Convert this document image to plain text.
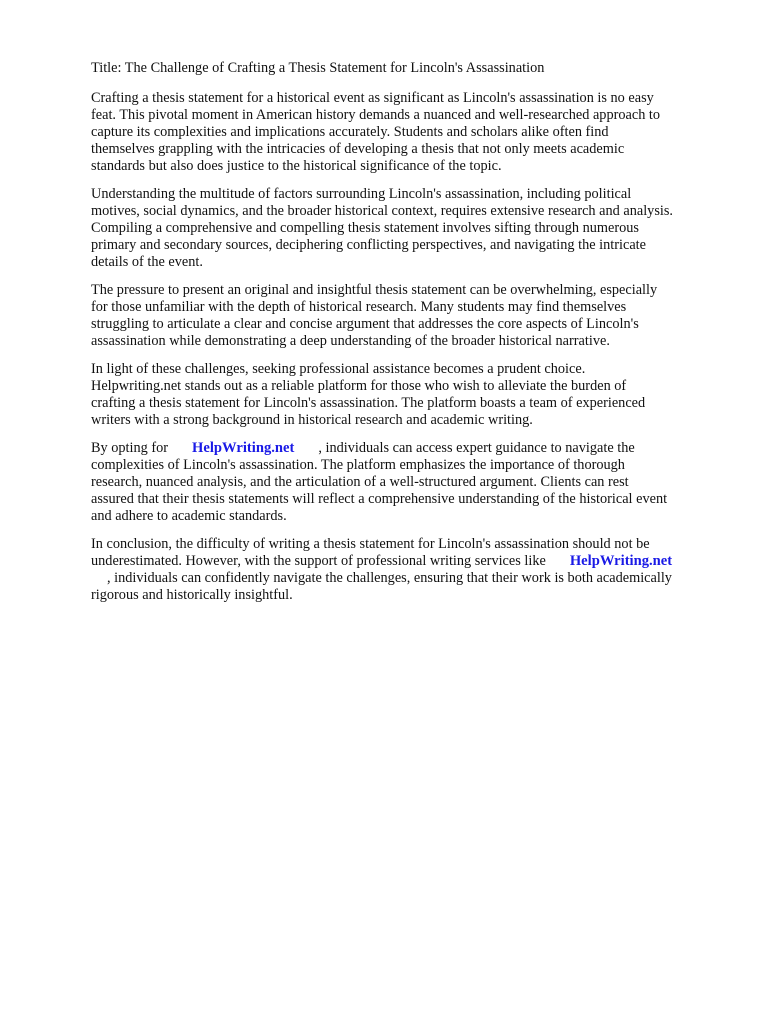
Title: The Challenge of Crafting a Thesis Statement for Lincoln's Assassination
Crafting a thesis statement for a historical event as significant as Lincoln's assassination is no easy
feat. This pivotal moment in American history demands a nuanced and well-researched approach to
capture its complexities and implications accurately. Students and scholars alike often find
themselves grappling with the intricacies of developing a thesis that not only meets academic
standards but also does justice to the historical significance of the topic.
Understanding the multitude of factors surrounding Lincoln's assassination, including political
motives, social dynamics, and the broader historical context, requires extensive research and analysis.
Compiling a comprehensive and compelling thesis statement involves sifting through numerous
primary and secondary sources, deciphering conflicting perspectives, and navigating the intricate
details of the event.
The pressure to present an original and insightful thesis statement can be overwhelming, especially
for those unfamiliar with the depth of historical research. Many students may find themselves
struggling to articulate a clear and concise argument that addresses the core aspects of Lincoln's
assassination while demonstrating a deep understanding of the broader historical narrative.
In light of these challenges, seeking professional assistance becomes a prudent choice.
Helpwriting.net stands out as a reliable platform for those who wish to alleviate the burden of
crafting a thesis statement for Lincoln's assassination. The platform boasts a team of experienced
writers with a strong background in historical research and academic writing.
By opting for HelpWriting.net , individuals can access expert guidance to navigate the
complexities of Lincoln's assassination. The platform emphasizes the importance of thorough
research, nuanced analysis, and the articulation of a well-structured argument. Clients can rest
assured that their thesis statements will reflect a comprehensive understanding of the historical event
and adhere to academic standards.
In conclusion, the difficulty of writing a thesis statement for Lincoln's assassination should not be
underestimated. However, with the support of professional writing services like HelpWriting.net
, individuals can confidently navigate the challenges, ensuring that their work is both academically
rigorous and historically insightful.
